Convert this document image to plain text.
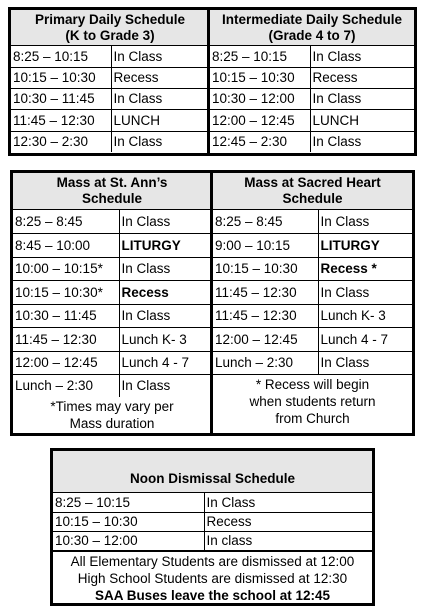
Primary Daily Schedule
(K to Grade 3)
8:25 – 10:15	In Class
10:15 – 10:30	Recess
10:30 – 11:45	In Class
11:45 – 12:30	LUNCH
12:30 – 2:30	In Class
Intermediate Daily Schedule
(Grade 4 to 7)
8:25 – 10:15	In Class
10:15 – 10:30	Recess
10:30 – 12:00	In Class
12:00 – 12:45	LUNCH
12:45 – 2:30	In Class
Mass at St. Ann’s
Schedule
8:25 – 8:45	In Class
8:45 – 10:00	LITURGY
10:00 – 10:15*	In Class
10:15 – 10:30*	Recess
10:30 – 11:45	In Class
11:45 – 12:30	Lunch K- 3
12:00 – 12:45	Lunch 4 - 7
Lunch – 2:30	In Class
*Times may vary per
Mass duration
Mass at Sacred Heart
Schedule
8:25 – 8:45	In Class
9:00 – 10:15	LITURGY
10:15 – 10:30	Recess *
11:45 – 12:30	In Class
11:45 – 12:30	Lunch K- 3
12:00 – 12:45	Lunch 4 - 7
Lunch – 2:30	In Class
* Recess will begin
when students return
from Church
Noon Dismissal Schedule
8:25 – 10:15	In Class
10:15 – 10:30	Recess
10:30 – 12:00	In class
All Elementary Students are dismissed at 12:00
High School Students are dismissed at 12:30
SAA Buses leave the school at 12:45
